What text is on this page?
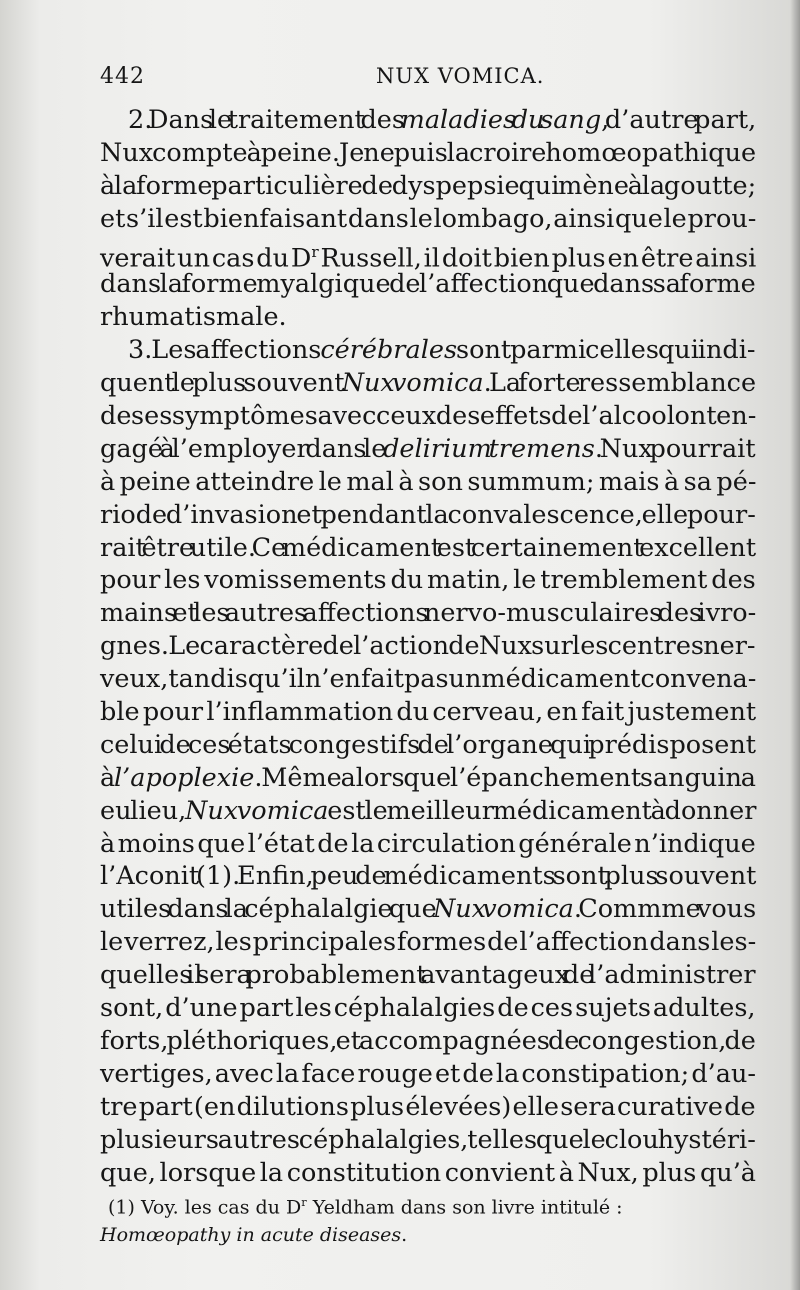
442	NUX VOMICA.
2. Dans le traitement des maladies du sang, d’autre part,
Nux compte à peine. Je ne puis la croire homœopathique
à la forme particulière de dyspepsie qui mène à la goutte;
et s’il est bienfaisant dans le lombago, ainsi que le prou-
verait un cas du $D^r$ Russell, il doit bien plus en être ainsi
dans la forme myalgique de l’affection que dans sa forme
rhumatismale.
3. Les affections cérébrales sont parmi celles qui indi-
quent le plus souvent Nux vomica. La forte ressemblance
de ses symptômes avec ceux des effets de l’alcool ont en-
gagé à l’employer dans le delirium tremens. Nux pourrait
à peine atteindre le mal à son summum; mais à sa pé-
riode d’invasion et pendant la convalescence, elle pour-
rait être utile. Ce médicament est certainement excellent
pour les vomissements du matin, le tremblement des
mains et les autres affections nervo-musculaires des ivro-
gnes. Le caractère de l’action de Nux sur les centres ner-
veux, tandis qu’il n’en fait pas un médicament convena-
ble pour l’inflammation du cerveau, en fait justement
celui de ces états congestifs de l’organe qui prédisposent
à l’apoplexie. Même alors que l’épanchement sanguin a
eu lieu, Nux vomica est le meilleur médicament à donner
à moins que l’état de la circulation générale n’indique
l’Aconit (1). Enfin, peu de médicaments sont plus souvent
utiles dans la céphalalgie que Nux vomica. Commme vous
le verrez, les principales formes de l’affection dans les-
quelles il sera probablement avantageux de l’administrer
sont, d’une part les céphalalgies de ces sujets adultes,
forts, pléthoriques, et accompagnées de congestion, de
vertiges, avec la face rouge et de la constipation; d’au-
tre part (en dilutions plus élevées) elle sera curative de
plusieurs autres céphalalgies, telles que le clou hystéri-
que, lorsque la constitution convient à Nux, plus qu’à
(1) Voy. les cas du $D^r$ Yeldham dans son livre intitulé :
Homœopathy in acute diseases.
